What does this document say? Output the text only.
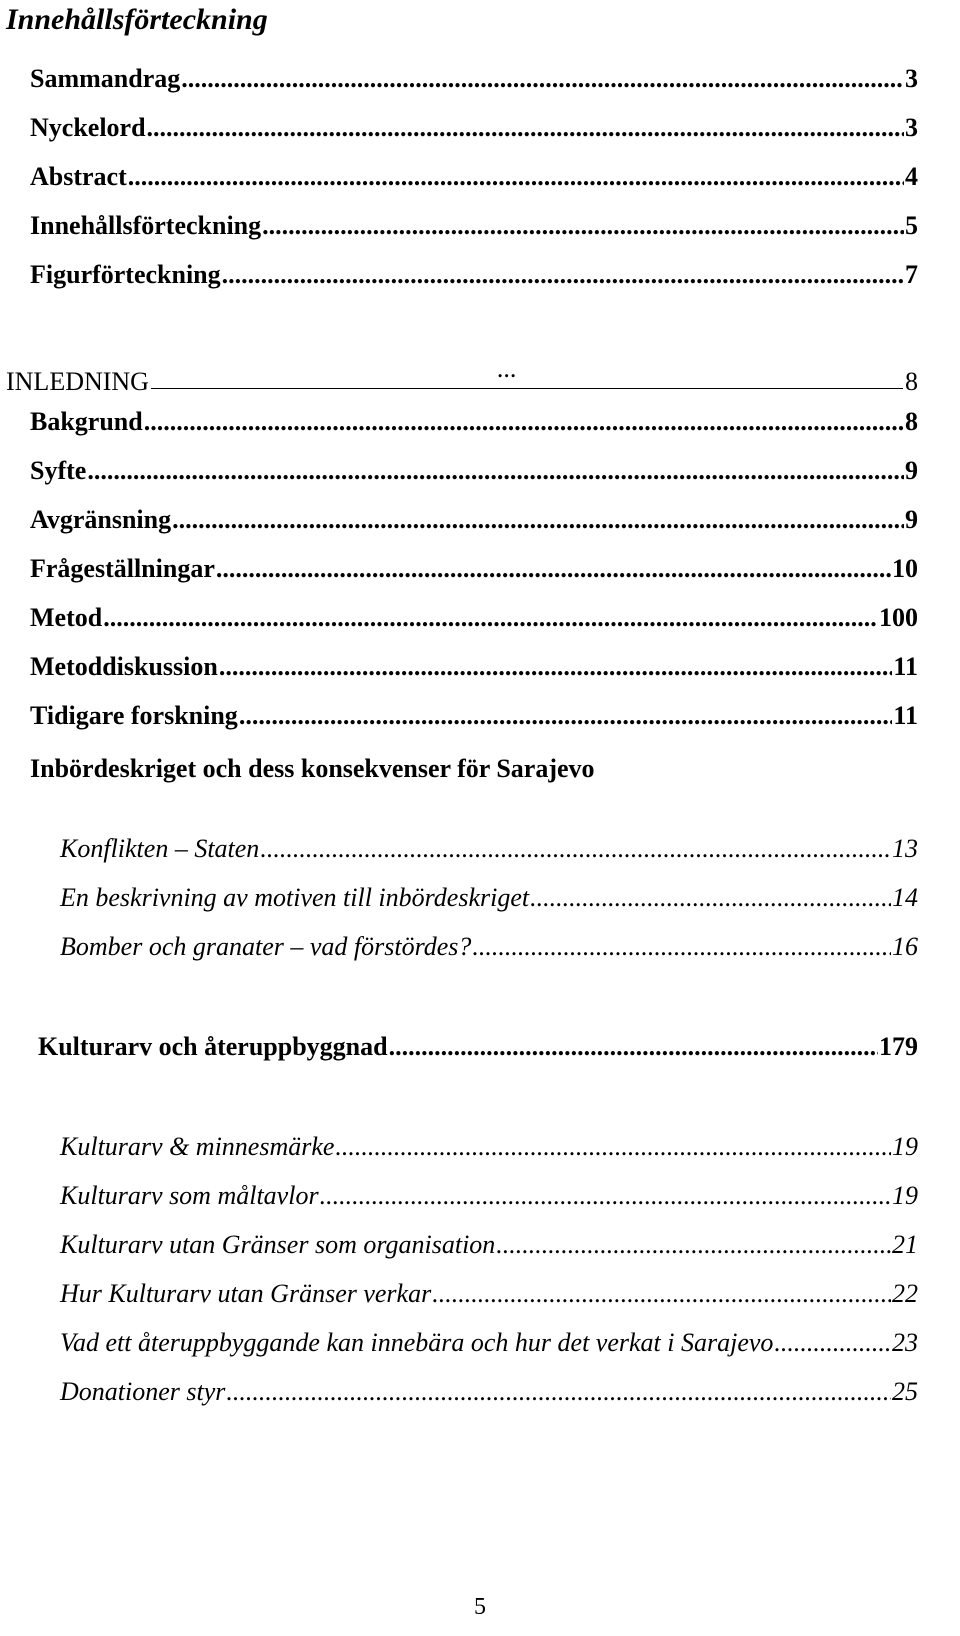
Innehållsförteckning
Sammandrag .....	3
Nyckelord .....	3
Abstract .....	4
Innehållsförteckning .....	5
Figurförteckning .....	7
INLEDNING	...	8
Bakgrund .....	8
Syfte .....	9
Avgränsning .....	9
Frågeställningar .....	10
Metod .....	100
Metoddiskussion .....	11
Tidigare forskning .....	11
Inbördeskriget och dess konsekvenser för Sarajevo
Konflikten – Staten .....	13
En beskrivning av motiven till inbördeskriget .....	14
Bomber och granater – vad förstördes? .....	16
Kulturarv och återuppbyggnad .....	179
Kulturarv & minnesmärke .....	19
Kulturarv som måltavlor .....	19
Kulturarv utan Gränser som organisation .....	21
Hur Kulturarv utan Gränser verkar .....	22
Vad ett återuppbyggande kan innebära och hur det verkat i Sarajevo .....	23
Donationer styr .....	25
5
